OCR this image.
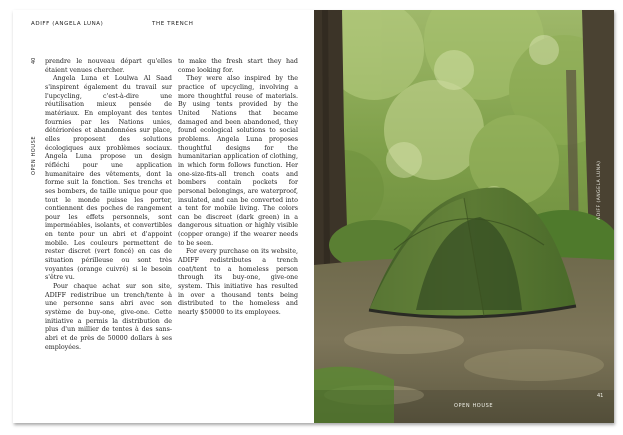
ADIFF (ANGELA LUNA)	THE TRENCH
40
OPEN HOUSE

prendre le nouveau départ qu'elles étaient venues chercher.

Angela Luna et Loulwa Al Saad s'inspirent également du travail sur l'upcycling, c'est-à-dire une réutilisation mieux pensée de matériaux. En employant des tentes fournies par les Nations unies, détériorées et abandonnées sur place, elles proposent des solutions écologiques aux problèmes sociaux. Angela Luna propose un design réfléchi pour une application humanitaire des vêtements, dont la forme suit la fonction. Ses trenchs et ses bombers, de taille unique pour que tout le monde puisse les porter, contiennent des poches de rangement pour les effets personnels, sont imperméables, isolants, et convertibles en tente pour un abri et d'appoint mobile. Les couleurs permettent de rester discret (vert foncé) en cas de situation périlleuse ou sont très voyantes (orange cuivré) si le besoin s'être vu.

Pour chaque achat sur son site, ADIFF redistribue un trench/tente à une personne sans abri avec son système de buy-one, give-one. Cette initiative a permis la distribution de plus d'un millier de tentes à des sans-abri et de près de 50000 dollars à ses employées.

to make the fresh start they had come looking for.

They were also inspired by the practice of upcycling, involving a more thoughtful reuse of materials. By using tents provided by the United Nations that became damaged and been abandoned, they found ecological solutions to social problems. Angela Luna proposes thoughtful designs for the humanitarian application of clothing, in which form follows function. Her one-size-fits-all trench coats and bombers contain pockets for personal belongings, are waterproof, insulated, and can be converted into a tent for mobile living. The colors can be discreet (dark green) in a dangerous situation or highly visible (copper orange) if the wearer needs to be seen.

For every purchase on its website, ADIFF redistributes a trench coat/tent to a homeless person through its buy-one, give-one system. This initiative has resulted in over a thousand tents being distributed to the homeless and nearly $50000 to its employees.

ADIFF (ANGELA LUNA)
OPEN HOUSE
41
